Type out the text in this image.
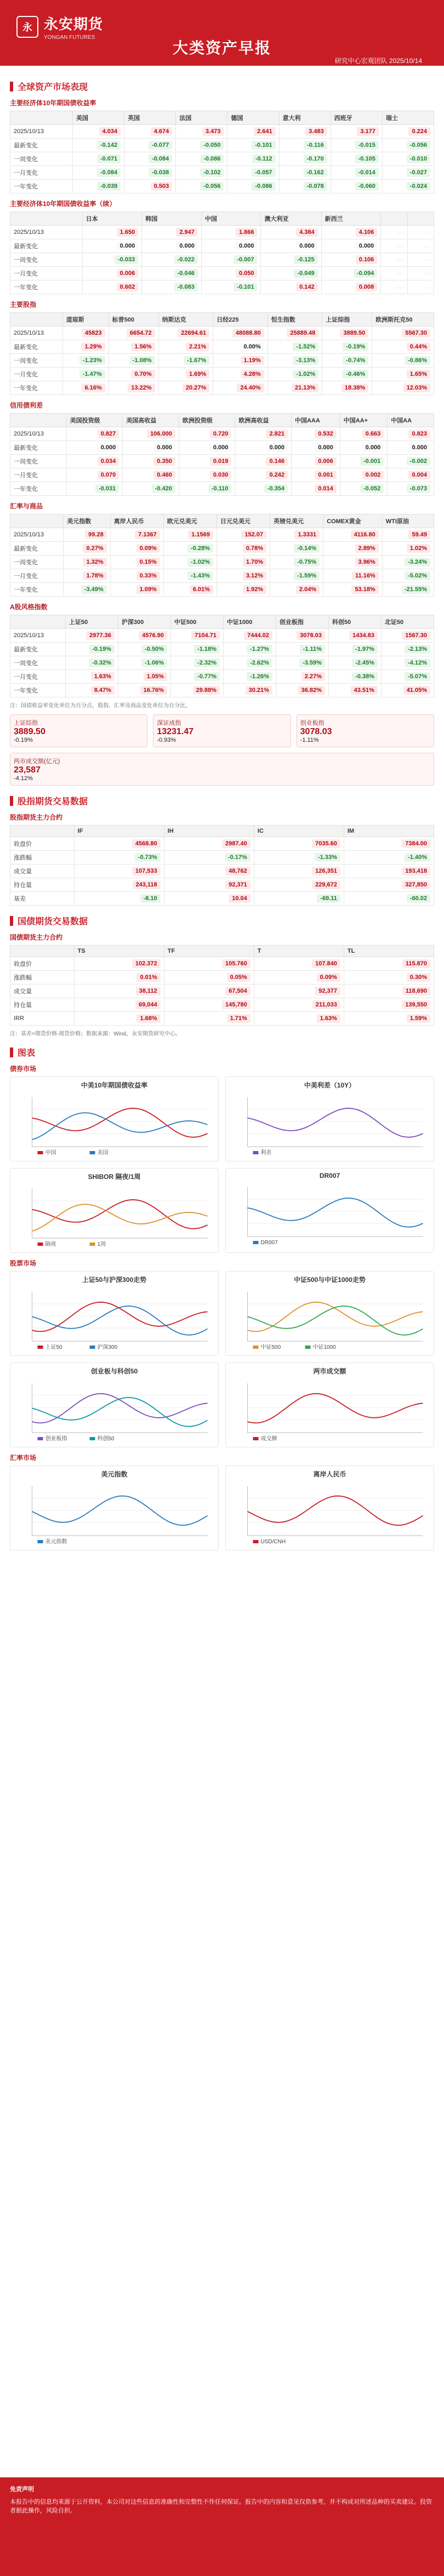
永 永安期货
YONGAN FUTURES
大类资产早报
研究中心宏观团队 2025/10/14
全球资产市场表现
主要经济体10年期国债收益率
	美国	英国	法国	德国	意大利	西班牙	瑞士
2025/10/13	4.034	4.674	3.473	2.641	3.483	3.177	0.224
最新变化	-0.142	-0.077	-0.050	-0.101	-0.116	-0.015	-0.056
一周变化	-0.071	-0.084	-0.086	-0.112	-0.170	-0.105	-0.010
一月变化	-0.084	-0.038	-0.102	-0.057	-0.162	-0.014	-0.027
一年变化	-0.039	0.503	-0.056	-0.086	-0.078	-0.060	-0.024
主要经济体10年期国债收益率（续）
	日本	韩国	中国	澳大利亚	新西兰		
2025/10/13	1.650	2.947	1.866	4.384	4.106		
最新变化	0.000	0.000	0.000	0.000	0.000		
一周变化	-0.033	-0.022	-0.007	-0.125	0.106		
一月变化	0.006	-0.046	0.050	-0.049	-0.094		
一年变化	0.602	-0.083	-0.101	0.142	0.008		
主要股指
	道琼斯	标普500	纳斯达克	日经225	恒生指数	上证综指	欧洲斯托克50
2025/10/13	45823	6654.72	22694.61	48088.80	25889.48	3889.50	5567.30
最新变化	1.29%	1.56%	2.21%	0.00%	-1.52%	-0.19%	0.44%
一周变化	-1.23%	-1.08%	-1.67%	1.19%	-3.13%	-0.74%	-0.86%
一月变化	-1.47%	0.70%	1.69%	4.28%	-1.02%	-0.46%	1.65%
一年变化	6.16%	13.22%	20.27%	24.40%	21.13%	18.38%	12.03%
信用债利差
	美国投资级	美国高收益	欧洲投资级	欧洲高收益	中国AAA	中国AA+	中国AA
2025/10/13	0.827	106.000	0.720	2.821	0.532	0.663	0.823
最新变化	0.000	0.000	0.000	0.000	0.000	0.000	0.000
一周变化	0.034	0.350	0.019	0.146	0.006	-0.001	-0.002
一月变化	0.070	0.460	0.030	0.242	0.001	0.002	0.004
一年变化	-0.031	-0.420	-0.110	-0.354	0.014	-0.052	-0.073
汇率与商品
	美元指数	离岸人民币	欧元兑美元	日元兑美元	英镑兑美元	COMEX黄金	WTI原油
2025/10/13	99.28	7.1367	1.1569	152.07	1.3331	4116.80	59.49
最新变化	0.27%	0.09%	-0.28%	0.78%	-0.14%	2.89%	1.02%
一周变化	1.32%	0.15%	-1.02%	1.70%	-0.75%	3.96%	-3.24%
一月变化	1.78%	0.33%	-1.43%	3.12%	-1.59%	11.16%	-5.02%
一年变化	-3.49%	1.09%	6.01%	1.92%	2.04%	53.18%	-21.55%
A股风格指数
	上证50	沪深300	中证500	中证1000	创业板指	科创50	北证50
2025/10/13	2977.36	4576.90	7104.71	7444.02	3078.03	1434.83	1567.30
最新变化	-0.19%	-0.50%	-1.18%	-1.27%	-1.11%	-1.97%	-2.13%
一周变化	-0.32%	-1.06%	-2.32%	-2.62%	-3.59%	-2.45%	-4.12%
一月变化	1.63%	1.05%	-0.77%	-1.26%	2.27%	-0.38%	-5.07%
一年变化	8.47%	16.76%	29.88%	30.21%	36.82%	43.51%	41.05%
注：国债收益率变化单位为百分点，股指、汇率及商品变化单位为百分比。
上证综指
3889.50
-0.19%
深证成指
13231.47
-0.93%
创业板指
3078.03
-1.11%
两市成交额(亿元)
23,587
-4.12%
股指期货交易数据
股指期货主力合约
	IF	IH	IC	IM
收盘价	4568.80	2987.40	7035.60	7384.00
涨跌幅	-0.73%	-0.17%	-1.33%	-1.40%
成交量	107,533	48,762	126,351	193,418
持仓量	243,118	92,371	229,672	327,850
基差	-8.10	10.04	-69.11	-60.02
国债期货交易数据
国债期货主力合约
	TS	TF	T	TL
收盘价	102.372	105.760	107.840	115.870
涨跌幅	0.01%	0.05%	0.09%	0.30%
成交量	38,112	67,504	92,377	118,690
持仓量	69,044	145,780	211,033	139,550
IRR	1.68%	1.71%	1.63%	1.59%
注：基差=期货价格-现货价格；数据来源：Wind，永安期货研究中心。
图表
债券市场
中美10年期国债收益率
中国	美国
中美利差（10Y）
利差
SHIBOR 隔夜/1周
隔夜	1周
DR007
DR007
股票市场
上证50与沪深300走势
上证50	沪深300
中证500与中证1000走势
中证500	中证1000
创业板与科创50
创业板指	科创50
两市成交额
成交额
汇率市场
美元指数
美元指数
离岸人民币
USD/CNH
免责声明
本报告中的信息均来源于公开资料，本公司对这些信息的准确性和完整性不作任何保证。报告中的内容和意见仅供参考，并不构成对所述品种的买卖建议。投资者据此操作，风险自担。
